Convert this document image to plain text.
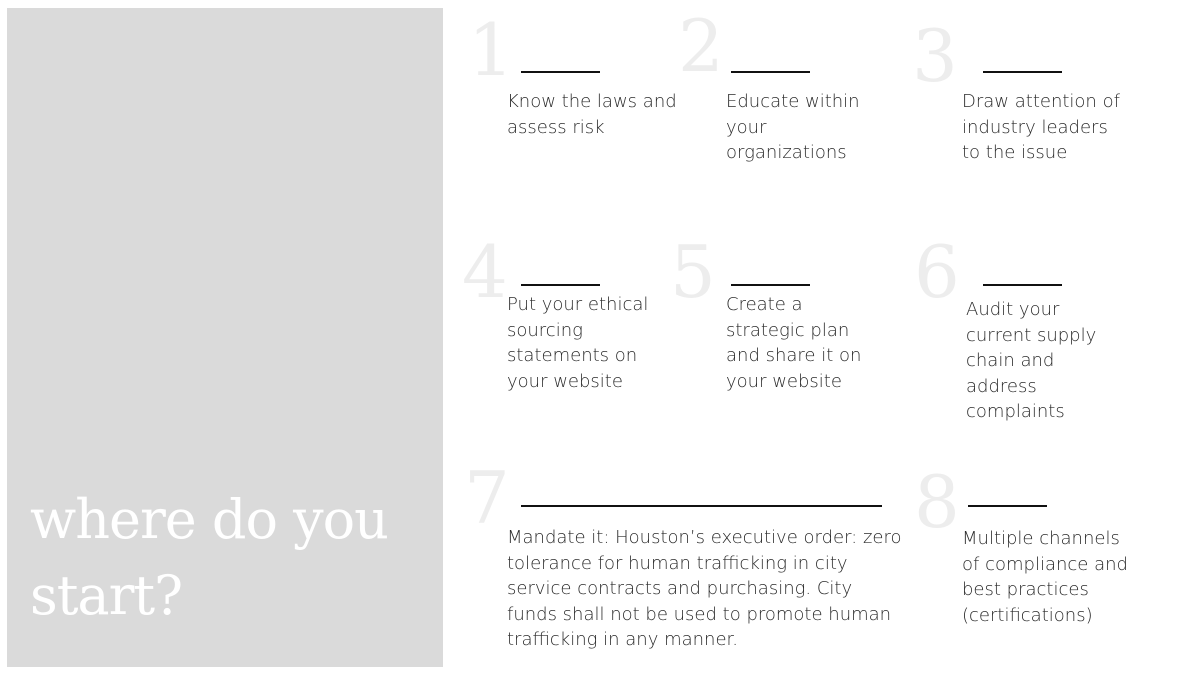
where do you
start?
1

Know the laws and assess risk

2

Educate within your organizations

3

Draw attention of industry leaders to the issue

4 Put your ethical sourcing statements on your website

5 Create a strategic plan and share it on your website

6 Audit your current supply chain and address complaints

7

Mandate it: Houston’s executive order: zero tolerance for human trafficking in city service contracts and purchasing. City funds shall not be used to promote human trafficking in any manner.

8 Multiple channels of compliance and best practices (certifications)
